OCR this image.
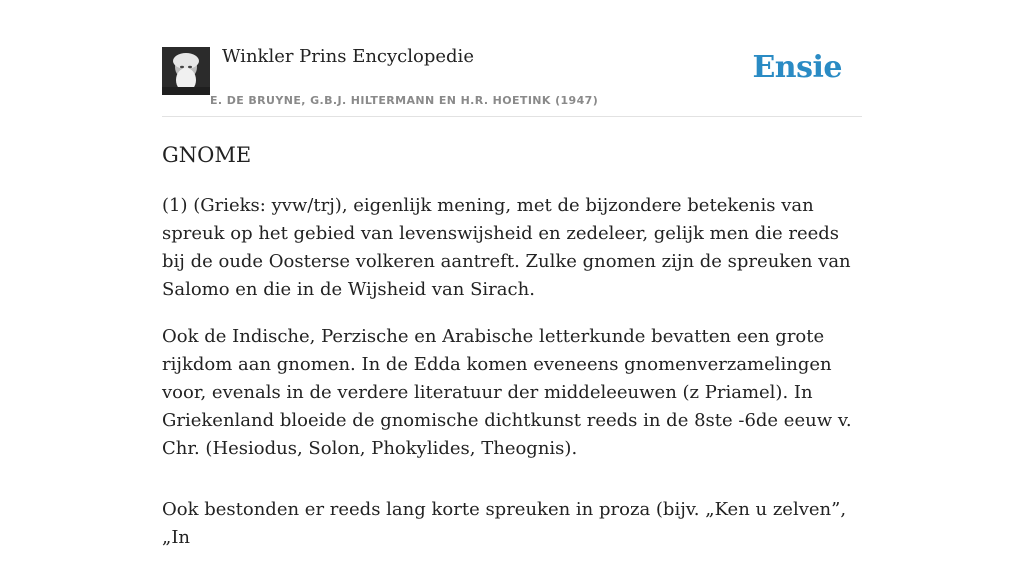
Winkler Prins Encyclopedie
E. DE BRUYNE, G.B.J. HILTERMANN EN H.R. HOETINK (1947)
Ensie
GNOME

(1) (Grieks: yvw/trj), eigenlijk mening, met de bijzondere betekenis van spreuk op het gebied van levenswijsheid en zedeleer, gelijk men die reeds bij de oude Oosterse volkeren aantreft. Zulke gnomen zijn de spreuken van Salomo en die in de Wijsheid van Sirach.

Ook de Indische, Perzische en Arabische letterkunde bevatten een grote rijkdom aan gnomen. In de Edda komen eveneens gnomenverzamelingen voor, evenals in de verdere literatuur der middeleeuwen (z Priamel). In Griekenland bloeide de gnomische dichtkunst reeds in de 8ste -6de eeuw v. Chr. (Hesiodus, Solon, Phokylides, Theognis).

Ook bestonden er reeds lang korte spreuken in proza (bijv. „Ken u zelven”, „In
